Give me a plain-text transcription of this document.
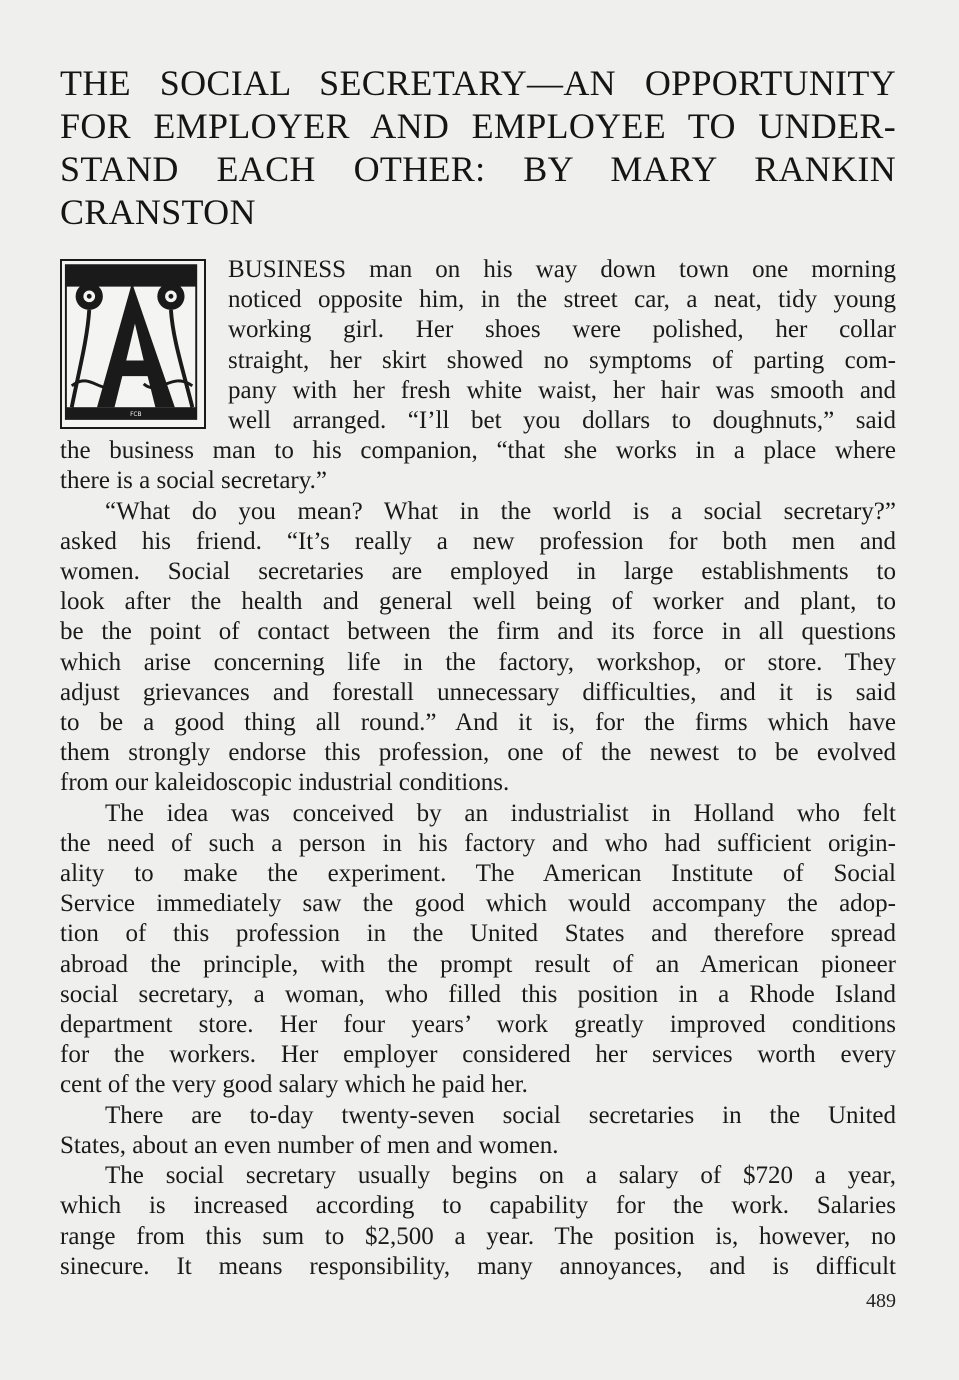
THE SOCIAL SECRETARY—AN OPPORTUNITY
FOR EMPLOYER AND EMPLOYEE TO UNDER-
STAND EACH OTHER: BY MARY RANKIN
CRANSTON
FCB
BUSINESS man on his way down town one morning
noticed opposite him, in the street car, a neat, tidy young
working girl. Her shoes were polished, her collar
straight, her skirt showed no symptoms of parting com-
pany with her fresh white waist, her hair was smooth and
well arranged. “I’ll bet you dollars to doughnuts,” said
the business man to his companion, “that she works in a place where
there is a social secretary.”
“What do you mean? What in the world is a social secretary?”
asked his friend. “It’s really a new profession for both men and
women. Social secretaries are employed in large establishments to
look after the health and general well being of worker and plant, to
be the point of contact between the firm and its force in all questions
which arise concerning life in the factory, workshop, or store. They
adjust grievances and forestall unnecessary difficulties, and it is said
to be a good thing all round.” And it is, for the firms which have
them strongly endorse this profession, one of the newest to be evolved
from our kaleidoscopic industrial conditions.
The idea was conceived by an industrialist in Holland who felt
the need of such a person in his factory and who had sufficient origin-
ality to make the experiment. The American Institute of Social
Service immediately saw the good which would accompany the adop-
tion of this profession in the United States and therefore spread
abroad the principle, with the prompt result of an American pioneer
social secretary, a woman, who filled this position in a Rhode Island
department store. Her four years’ work greatly improved conditions
for the workers. Her employer considered her services worth every
cent of the very good salary which he paid her.
There are to-day twenty-seven social secretaries in the United
States, about an even number of men and women.
The social secretary usually begins on a salary of $720 a year,
which is increased according to capability for the work. Salaries
range from this sum to $2,500 a year. The position is, however, no
sinecure. It means responsibility, many annoyances, and is difficult
489
